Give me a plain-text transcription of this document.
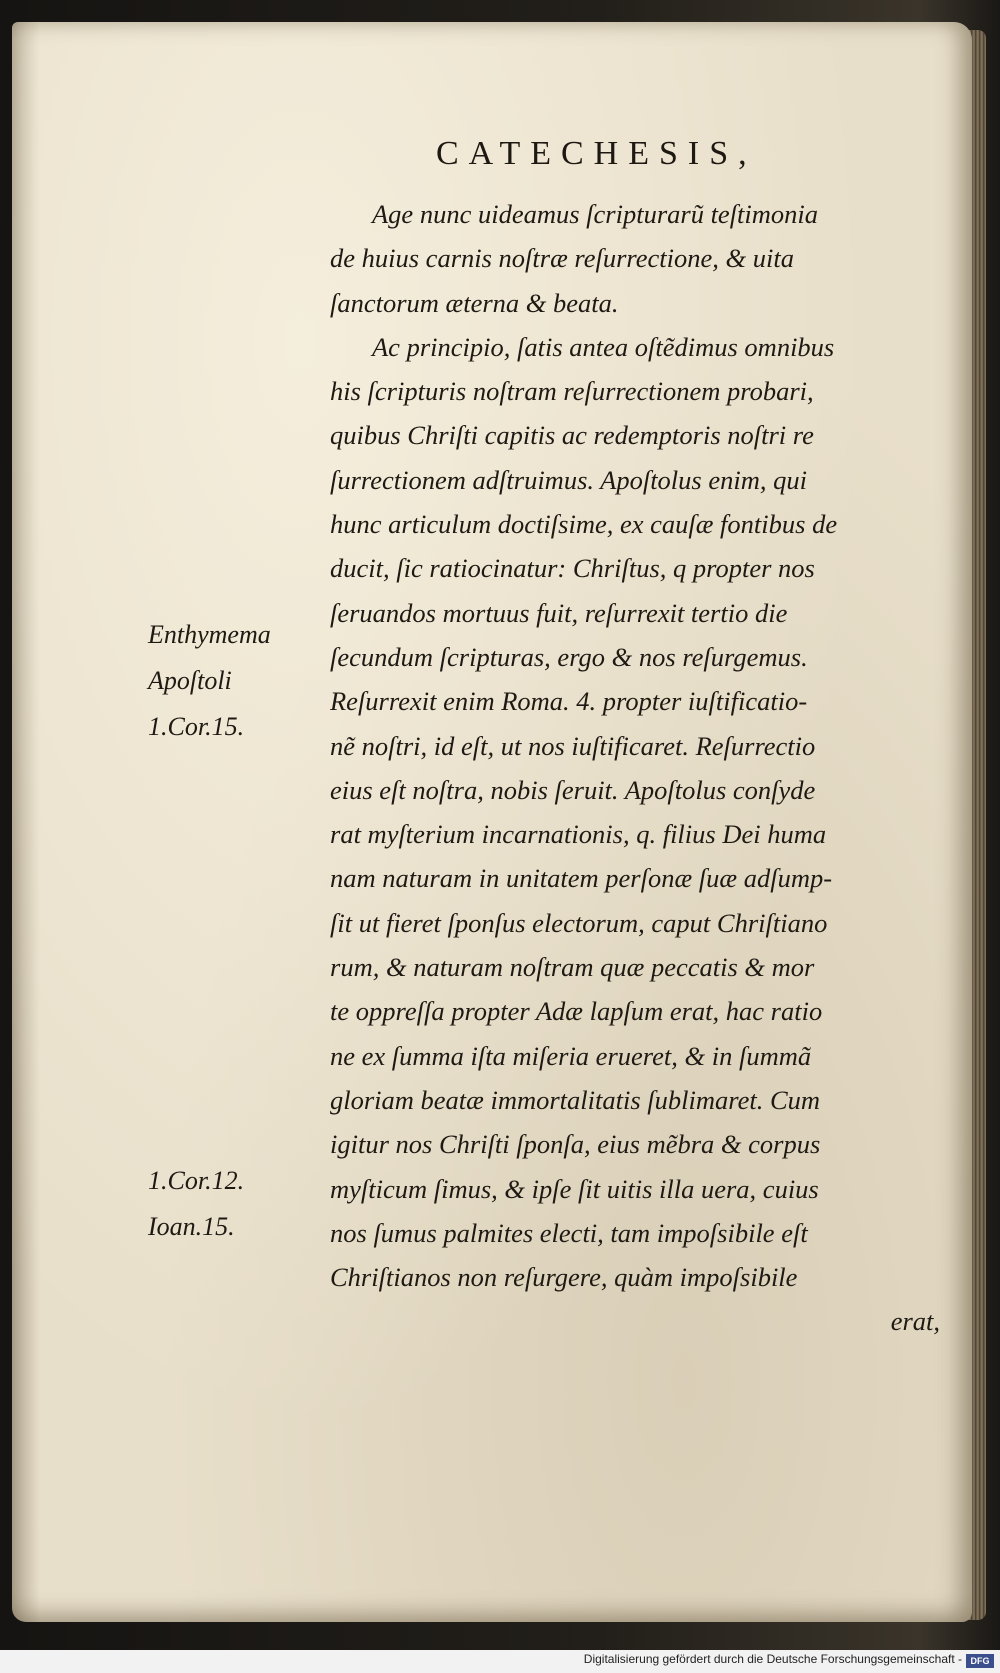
CATECHESIS,
Age nunc uideamus ſcripturarũ teſtimonia
de huius carnis noſtræ reſurrectione, & uita
ſanctorum æterna & beata.
Ac principio, ſatis antea oſtẽdimus omnibus
his ſcripturis noſtram reſurrectionem probari,
quibus Chriſti capitis ac redemptoris noſtri re
ſurrectionem adſtruimus. Apoſtolus enim, qui
hunc articulum doctiſsime, ex cauſæ fontibus de
ducit, ſic ratiocinatur: Chriſtus, q propter nos
ſeruandos mortuus fuit, reſurrexit tertio die
ſecundum ſcripturas, ergo & nos reſurgemus.
Reſurrexit enim Roma. 4. propter iuſtificatio-
nẽ noſtri, id eſt, ut nos iuſtificaret. Reſurrectio
eius eſt noſtra, nobis ſeruit. Apoſtolus conſyde
rat myſterium incarnationis, q. filius Dei huma
nam naturam in unitatem perſonæ ſuæ adſump-
ſit ut fieret ſponſus electorum, caput Chriſtiano
rum, & naturam noſtram quæ peccatis & mor
te oppreſſa propter Adæ lapſum erat, hac ratio
ne ex ſumma iſta miſeria erueret, & in ſummã
gloriam beatæ immortalitatis ſublimaret. Cum
igitur nos Chriſti ſponſa, eius mẽbra & corpus
myſticum ſimus, & ipſe ſit uitis illa uera, cuius
nos ſumus palmites electi, tam impoſsibile eſt
Chriſtianos non reſurgere, quàm impoſsibile
erat,
Enthymema
Apoſtoli
1.Cor.15.
1.Cor.12.
Ioan.15.
Digitalisierung gefördert durch die Deutsche Forschungsgemeinschaft - DFG
